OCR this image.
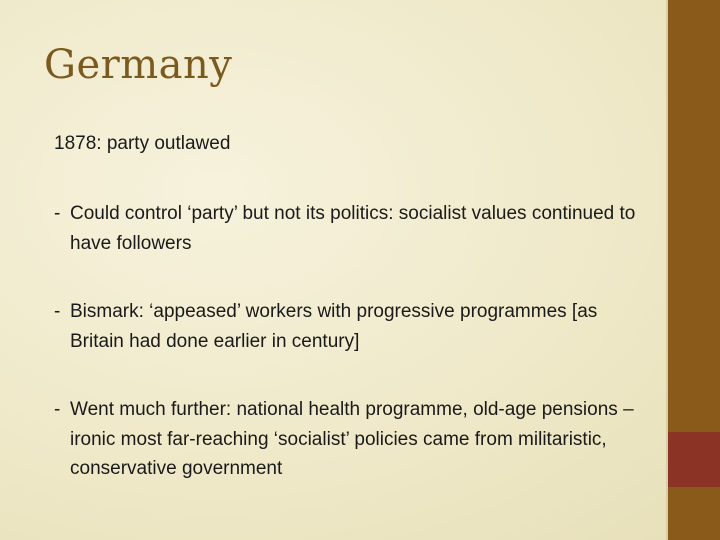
Germany
1878: party outlawed
- Could control ‘party’ but not its politics: socialist values continued to have followers
- Bismark: ‘appeased’ workers with progressive programmes [as Britain had done earlier in century]
- Went much further: national health programme, old-age pensions – ironic most far-reaching ‘socialist’ policies came from militaristic, conservative government
